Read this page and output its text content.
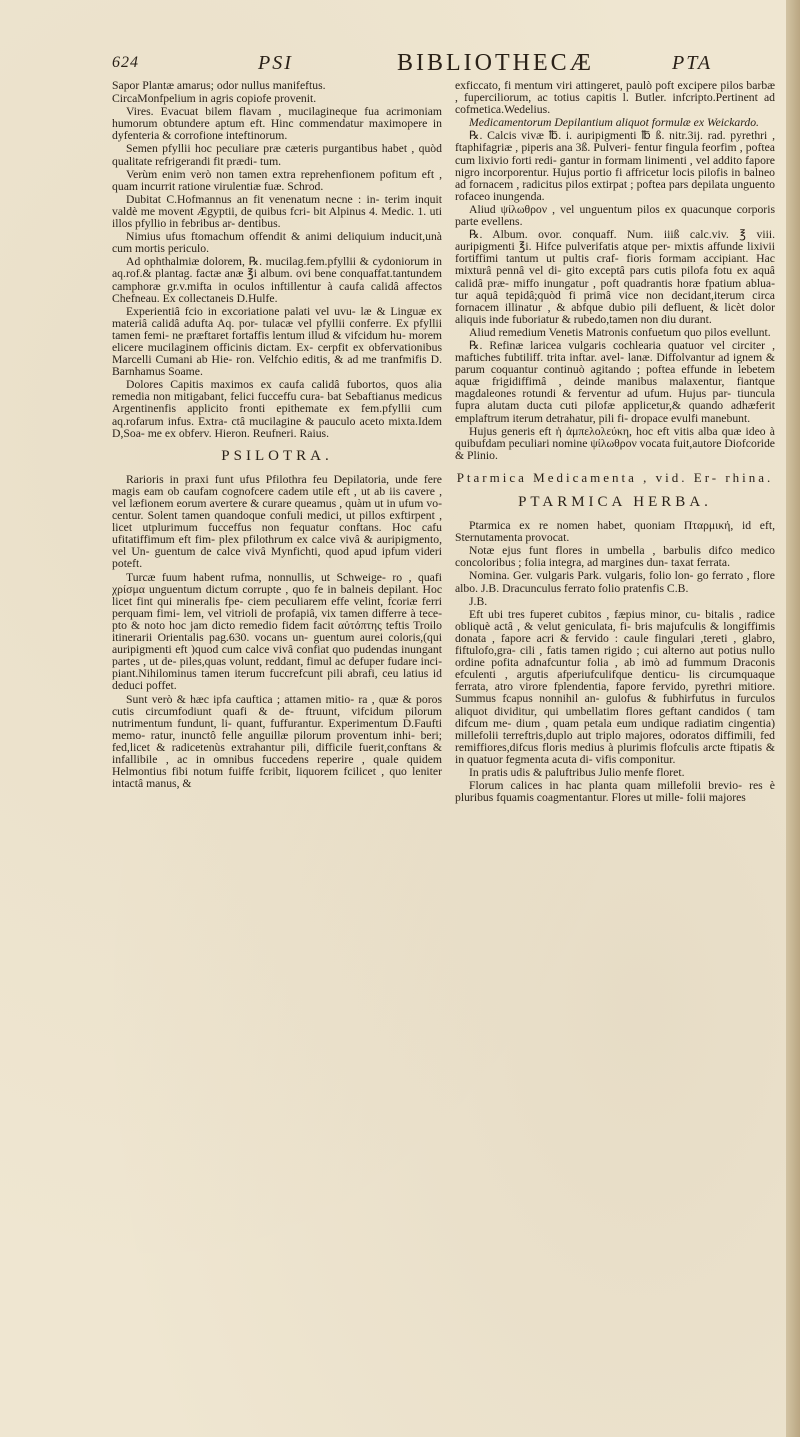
624	PSI	BIBLIOTHECÆ	PTA

Sapor Plantæ amarus; odor nullus manifeftus.

CircaMonfpelium in agris copiofe provenit.

Vires. Evacuat bilem flavam , mucilagineque fua acrimoniam humorum obtundere aptum eft. Hinc commendatur maximopere in dyfenteria & corrofione inteftinorum.

Semen pfyllii hoc peculiare præ cæteris purgantibus habet , quòd qualitate refrigerandi fit prædi- tum.

Verùm enim verò non tamen extra reprehenfionem pofitum eft , quam incurrit ratione virulentiæ fuæ. Schrod.

Dubitat C.Hofmannus an fit venenatum necne : in- terim inquit valdè me movent Ægyptii, de quibus fcri- bit Alpinus 4. Medic. 1. uti illos pfyllio in febribus ar- dentibus.

Nimius ufus ftomachum offendit & animi deliquium inducit,unà cum mortis periculo.

Ad ophthalmiæ dolorem, ℞. mucilag.fem.pfyllii & cydoniorum in aq.rof.& plantag. factæ anæ ℥i album. ovi bene conquaffat.tantundem camphoræ gr.v.mifta in oculos inftillentur à caufa calidâ affectos Chefneau. Ex collectaneis D.Hulfe.

Experientiâ fcio in excoriatione palati vel uvu- læ & Linguæ ex materiâ calidâ adufta Aq. por- tulacæ vel pfyllii conferre. Ex pfyllii tamen femi- ne præftaret fortaffis lentum illud & vifcidum hu- morem elicere mucilaginem officinis dictam. Ex- cerpfit ex obfervationibus Marcelli Cumani ab Hie- ron. Velfchio editis, & ad me tranfmifis D. Barnhamus Soame.

Dolores Capitis maximos ex caufa calidâ fubortos, quos alia remedia non mitigabant, felici fucceffu cura- bat Sebaftianus medicus Argentinenfis applicito fronti epithemate ex fem.pfyllii cum aq.rofarum infus. Extra- ctâ mucilagine & pauculo aceto mixta.Idem D,Soa- me ex obferv. Hieron. Reufneri. Raius.

PSILOTRA.

Rarioris in praxi funt ufus Pfilothra feu Depilatoria, unde fere magis eam ob caufam cognofcere cadem utile eft , ut ab iis cavere , vel læfionem eorum avertere & curare queamus , quàm ut in ufum vo- centur. Solent tamen quandoque confuli medici, ut pillos exftirpent , licet utplurimum fucceffus non fequatur conftans. Hoc cafu ufitatiffimum eft fim- plex pfilothrum ex calce vivâ & auripigmento, vel Un- guentum de calce vivâ Mynfichti, quod apud ipfum videri poteft.

Turcæ fuum habent rufma, nonnullis, ut Schweige- ro , quafi χρίσμα unguentum dictum corrupte , quo fe in balneis depilant. Hoc licet fint qui mineralis fpe- ciem peculiarem effe velint, fcoriæ ferri perquam fimi- lem, vel vitrioli de profapiâ, vix tamen differre à tece- pto & noto hoc jam dicto remedio fidem facit αὐτόπτης teftis Troilo itinerarii Orientalis pag.630. vocans un- guentum aurei coloris,(qui auripigmenti eft )quod cum calce vivâ confiat quo pudendas inungant partes , ut de- piles,quas volunt, reddant, fimul ac defuper fudare inci- piant.Nihilominus tamen iterum fuccrefcunt pili abrafi, ceu latius id deduci poffet.

Sunt verò & hæc ipfa cauftica ; attamen mitio- ra , quæ & poros cutis circumfodiunt quafi & de- ftruunt, vifcidum pilorum nutrimentum fundunt, li- quant, fuffurantur. Experimentum D.Faufti memo- ratur, inunctô felle anguillæ pilorum proventum inhi- beri; fed,licet & radicetenùs extrahantur pili, difficile fuerit,conftans & infallibile , ac in omnibus fuccedens reperire , quale quidem Helmontius fibi notum fuiffe fcribit, liquorem fcilicet , quo leniter intactâ manus, &

exficcato, fi mentum viri attingeret, paulò poft excipere pilos barbæ , fuperciliorum, ac totius capitis l. Butler. infcripto.Pertinent ad cofmetica.Wedelius.

Medicamentorum Depilantium aliquot formulæ ex Weickardo.

℞. Calcis vivæ ℔. i. auripigmenti ℔ ß. nitr.3ij. rad. pyrethri , ftaphifagriæ , piperis ana 3ß. Pulveri- fentur fingula feorfim , poftea cum lixivio forti redi- gantur in formam linimenti , vel addito fapore nigro incorporentur. Hujus portio fi affricetur locis pilofis in balneo ad fornacem , radicitus pilos extirpat ; poftea pars depilata unguento rofaceo inungenda.

Aliud ψίλωθρον , vel unguentum pilos ex quacunque corporis parte evellens.

℞. Album. ovor. conquaff. Num. iiiß calc.viv. ℥ viii. auripigmenti ℥i. Hifce pulverifatis atque per- mixtis affunde lixivii fortiffimi tantum ut pultis craf- fioris formam accipiant. Hac mixturâ pennâ vel di- gito exceptâ pars cutis pilofa fotu ex aquâ calidâ præ- miffo inungatur , poft quadrantis horæ fpatium ablua- tur aquâ tepidâ;quòd fi primâ vice non decidant,iterum circa fornacem illinatur , & abfque dubio pili defluent, & licèt dolor aliquis inde fuboriatur & rubedo,tamen non diu durant.

Aliud remedium Venetis Matronis confuetum quo pilos evellunt.

℞. Refinæ laricea vulgaris cochlearia quatuor vel circiter , maftiches fubtiliff. trita inftar. avel- lanæ. Diffolvantur ad ignem & parum coquantur continuò agitando ; poftea effunde in lebetem aquæ frigidiffimâ , deinde manibus malaxentur, fiantque magdaleones rotundi & ferventur ad ufum. Hujus par- tiuncula fupra alutam ducta cuti pilofæ applicetur,& quando adhæferit emplaftrum iterum detrahatur, pili fi- dropace evulfi manebunt.

Hujus generis eft ἡ ἀμπελολεύκη, hoc eft vitis alba quæ ideo à quibufdam peculiari nomine ψίλωθρον vocata fuit,autore Diofcoride & Plinio.

Ptarmica Medicamenta , vid. Er- rhina.

PTARMICA HERBA.

Ptarmica ex re nomen habet, quoniam Πταρμική, id eft, Sternutamenta provocat.

Notæ ejus funt flores in umbella , barbulis difco medico concoloribus ; folia integra, ad margines dun- taxat ferrata.

Nomina. Ger. vulgaris Park. vulgaris, folio lon- go ferrato , flore albo. J.B. Dracunculus ferrato folio pratenfis C.B.

J.B.

Eft ubi tres fuperet cubitos , fæpius minor, cu- bitalis , radice obliquè actâ , & velut geniculata, fi- bris majufculis & longiffimis donata , fapore acri & fervido : caule fingulari ,tereti , glabro, fiftulofo,gra- cili , fatis tamen rigido ; cui alterno aut potius nullo ordine pofita adnafcuntur folia , ab imò ad fummum Draconis efculenti , argutis afperiufculifque denticu- lis circumquaque ferrata, atro virore fplendentia, fapore fervido, pyrethri mitiore. Summus fcapus nonnihil an- gulofus & fubhirfutus in furculos aliquot dividitur, qui umbellatim flores geftant candidos ( tam difcum me- dium , quam petala eum undique radiatim cingentia) millefolii terreftris,duplo aut triplo majores, odoratos diffimili, fed remiffiores,difcus floris medius à plurimis flofculis arcte ftipatis & in quatuor fegmenta acuta di- vifis componitur.

In pratis udis & paluftribus Julio menfe floret.

Florum calices in hac planta quam millefolii brevio- res è pluribus fquamis coagmentantur. Flores ut mille- folii majores
